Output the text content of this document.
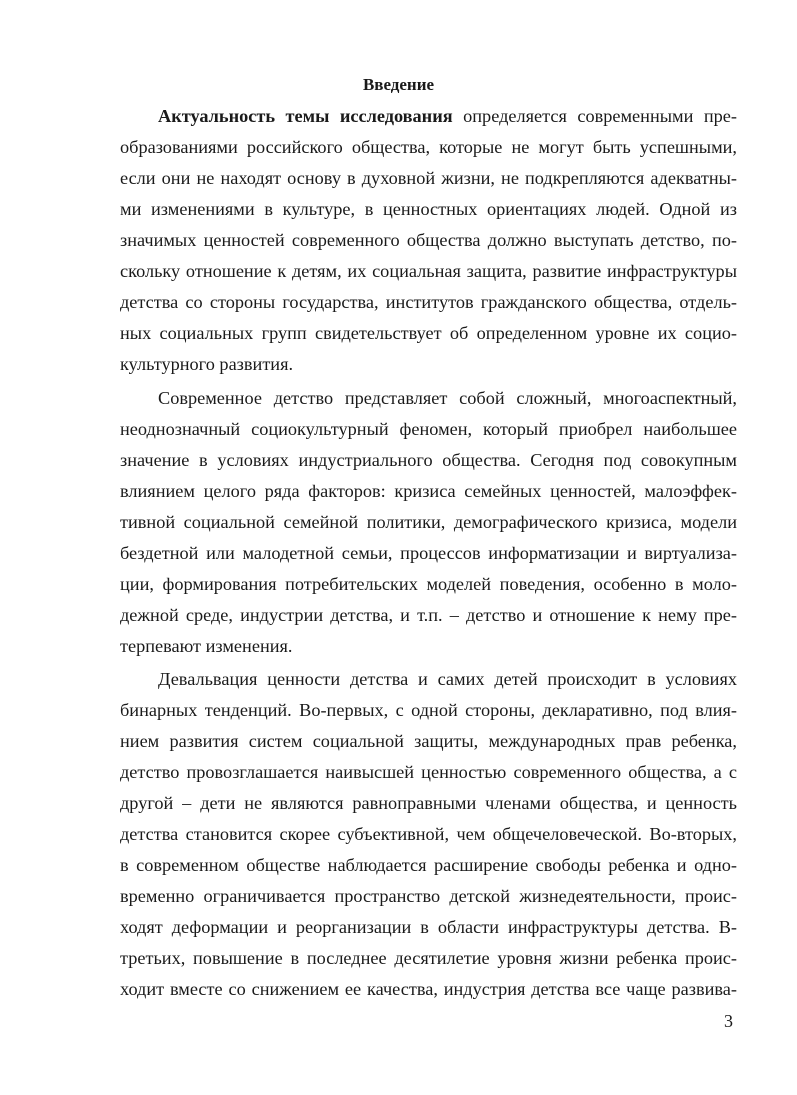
Введение
Актуальность темы исследования определяется современными пре-
образованиями российского общества, которые не могут быть успешными,
если они не находят основу в духовной жизни, не подкрепляются адекватны-
ми изменениями в культуре, в ценностных ориентациях людей. Одной из
значимых ценностей современного общества должно выступать детство, по-
скольку отношение к детям, их социальная защита, развитие инфраструктуры
детства со стороны государства, институтов гражданского общества, отдель-
ных социальных групп свидетельствует об определенном уровне их социо-
культурного развития.
Современное детство представляет собой сложный, многоаспектный,
неоднозначный социокультурный феномен, который приобрел наибольшее
значение в условиях индустриального общества. Сегодня под совокупным
влиянием целого ряда факторов: кризиса семейных ценностей, малоэффек-
тивной социальной семейной политики, демографического кризиса, модели
бездетной или малодетной семьи, процессов информатизации и виртуализа-
ции, формирования потребительских моделей поведения, особенно в моло-
дежной среде, индустрии детства, и т.п. – детство и отношение к нему пре-
терпевают изменения.
Девальвация ценности детства и самих детей происходит в условиях
бинарных тенденций. Во-первых, с одной стороны, декларативно, под влия-
нием развития систем социальной защиты, международных прав ребенка,
детство провозглашается наивысшей ценностью современного общества, а с
другой – дети не являются равноправными членами общества, и ценность
детства становится скорее субъективной, чем общечеловеческой. Во-вторых,
в современном обществе наблюдается расширение свободы ребенка и одно-
временно ограничивается пространство детской жизнедеятельности, проис-
ходят деформации и реорганизации в области инфраструктуры детства. В-
третьих, повышение в последнее десятилетие уровня жизни ребенка проис-
ходит вместе со снижением ее качества, индустрия детства все чаще развива-
3
